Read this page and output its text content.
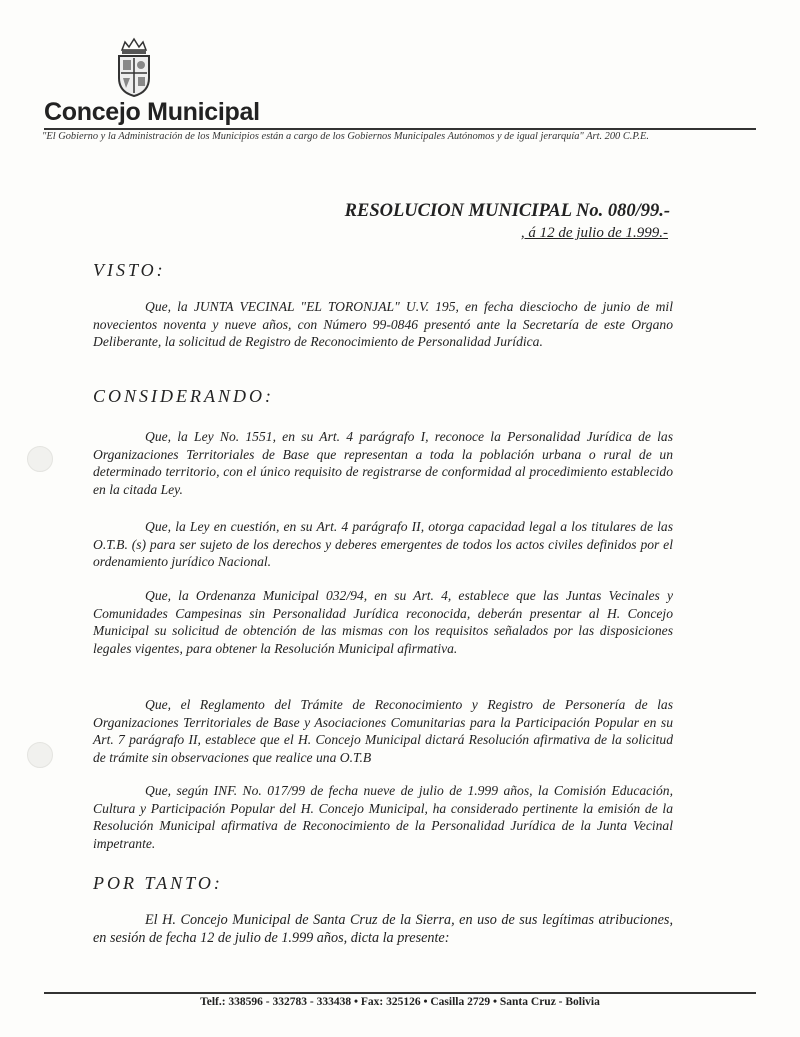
Concejo Municipal
"El Gobierno y la Administración de los Municipios están a cargo de los Gobiernos Municipales Autónomos y de igual jerarquía" Art. 200 C.P.E.
RESOLUCION MUNICIPAL No. 080/99.-
, á 12 de julio de 1.999.-
VISTO:
Que, la JUNTA VECINAL "EL TORONJAL" U.V. 195, en fecha diesciocho de junio de mil novecientos noventa y nueve años, con Número 99-0846 presentó ante la Secretaría de este Organo Deliberante, la solicitud de Registro de Reconocimiento de Personalidad Jurídica.
CONSIDERANDO:
Que, la Ley No. 1551, en su Art. 4 parágrafo I, reconoce la Personalidad Jurídica de las Organizaciones Territoriales de Base que representan a toda la población urbana o rural de un determinado territorio, con el único requisito de registrarse de conformidad al procedimiento establecido en la citada Ley.
Que, la Ley en cuestión, en su Art. 4 parágrafo II, otorga capacidad legal a los titulares de las O.T.B. (s) para ser sujeto de los derechos y deberes emergentes de todos los actos civiles definidos por el ordenamiento jurídico Nacional.
Que, la Ordenanza Municipal 032/94, en su Art. 4, establece que las Juntas Vecinales y Comunidades Campesinas sin Personalidad Jurídica reconocida, deberán presentar al H. Concejo Municipal su solicitud de obtención de las mismas con los requisitos señalados por las disposiciones legales vigentes, para obtener la Resolución Municipal afirmativa.
Que, el Reglamento del Trámite de Reconocimiento y Registro de Personería de las Organizaciones Territoriales de Base y Asociaciones Comunitarias para la Participación Popular en su Art. 7 parágrafo II, establece que el H. Concejo Municipal dictará Resolución afirmativa de la solicitud de trámite sin observaciones que realice una O.T.B
Que, según INF. No. 017/99 de fecha nueve de julio de 1.999 años, la Comisión Educación, Cultura y Participación Popular del H. Concejo Municipal, ha considerado pertinente la emisión de la Resolución Municipal afirmativa de Reconocimiento de la Personalidad Jurídica de la Junta Vecinal impetrante.
POR TANTO:
El H. Concejo Municipal de Santa Cruz de la Sierra, en uso de sus legítimas atribuciones, en sesión de fecha 12 de julio de 1.999 años, dicta la presente:
Telf.: 338596 - 332783 - 333438 • Fax: 325126 • Casilla 2729 • Santa Cruz - Bolivia
